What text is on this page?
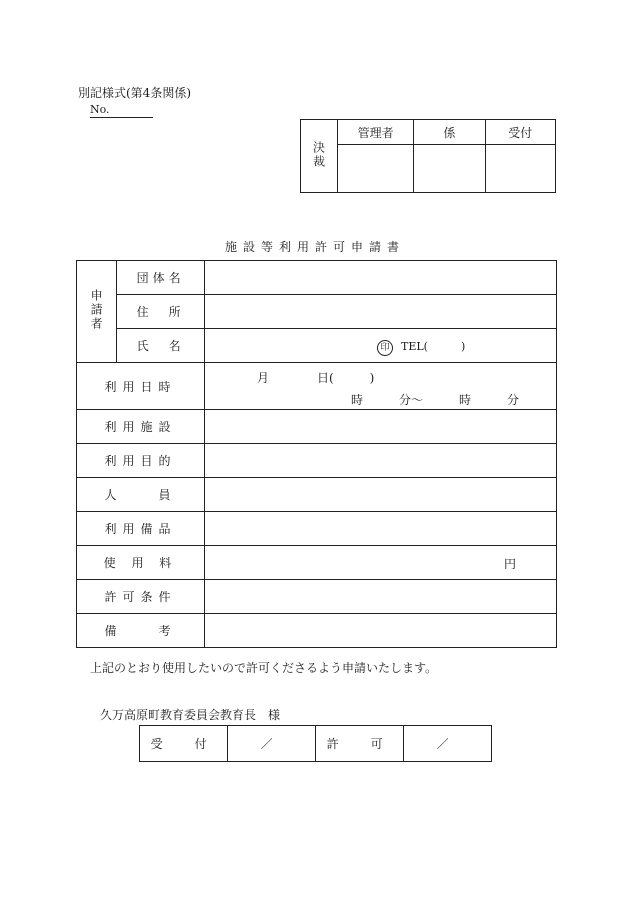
別記様式(第4条関係)
No.
決裁	管理者	係	受付

施設等利用許可申請書
申請者	団体名	
	住　所	
	氏　名	印 TEL(　　　)

利用日時		月　　　　日(　　　)
時　　　分〜　　　時　　　分

利用施設		
利用目的		
人　　員		
利用備品		
使 用 料		円

許可条件		
備　　考		
上記のとおり使用したいので許可くださるよう申請いたします。
久万高原町教育委員会教育長　様
受　付	／	許　可	／
